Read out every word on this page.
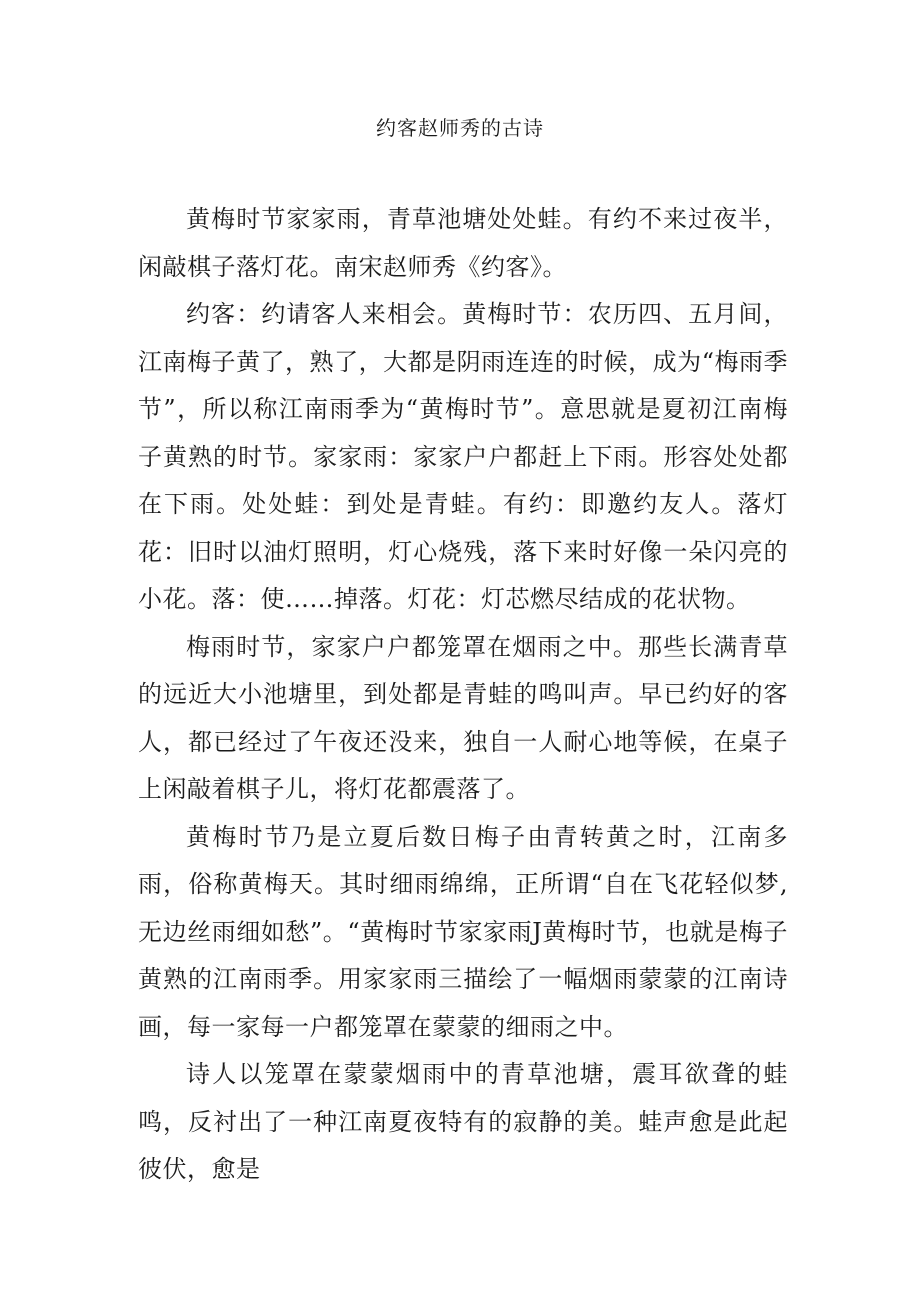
约客赵师秀的古诗

黄梅时节家家雨，青草池塘处处蛙。有约不来过夜半，闲敲棋子落灯花。南宋赵师秀《约客》。

约客：约请客人来相会。黄梅时节：农历四、五月间，江南梅子黄了，熟了，大都是阴雨连连的时候，成为“梅雨季节”，所以称江南雨季为“黄梅时节”。意思就是夏初江南梅子黄熟的时节。家家雨：家家户户都赶上下雨。形容处处都在下雨。处处蛙：到处是青蛙。有约：即邀约友人。落灯花：旧时以油灯照明，灯心烧残，落下来时好像一朵闪亮的小花。落：使……掉落。灯花：灯芯燃尽结成的花状物。

梅雨时节，家家户户都笼罩在烟雨之中。那些长满青草的远近大小池塘里，到处都是青蛙的鸣叫声。早已约好的客人，都已经过了午夜还没来，独自一人耐心地等候，在桌子上闲敲着棋子儿，将灯花都震落了。

黄梅时节乃是立夏后数日梅子由青转黄之时，江南多雨，俗称黄梅天。其时细雨绵绵，正所谓“自在飞花轻似梦,无边丝雨细如愁”。“黄梅时节家家雨J黄梅时节，也就是梅子黄熟的江南雨季。用家家雨三描绘了一幅烟雨蒙蒙的江南诗画，每一家每一户都笼罩在蒙蒙的细雨之中。

诗人以笼罩在蒙蒙烟雨中的青草池塘，震耳欲聋的蛙鸣，反衬出了一种江南夏夜特有的寂静的美。蛙声愈是此起彼伏，愈是
